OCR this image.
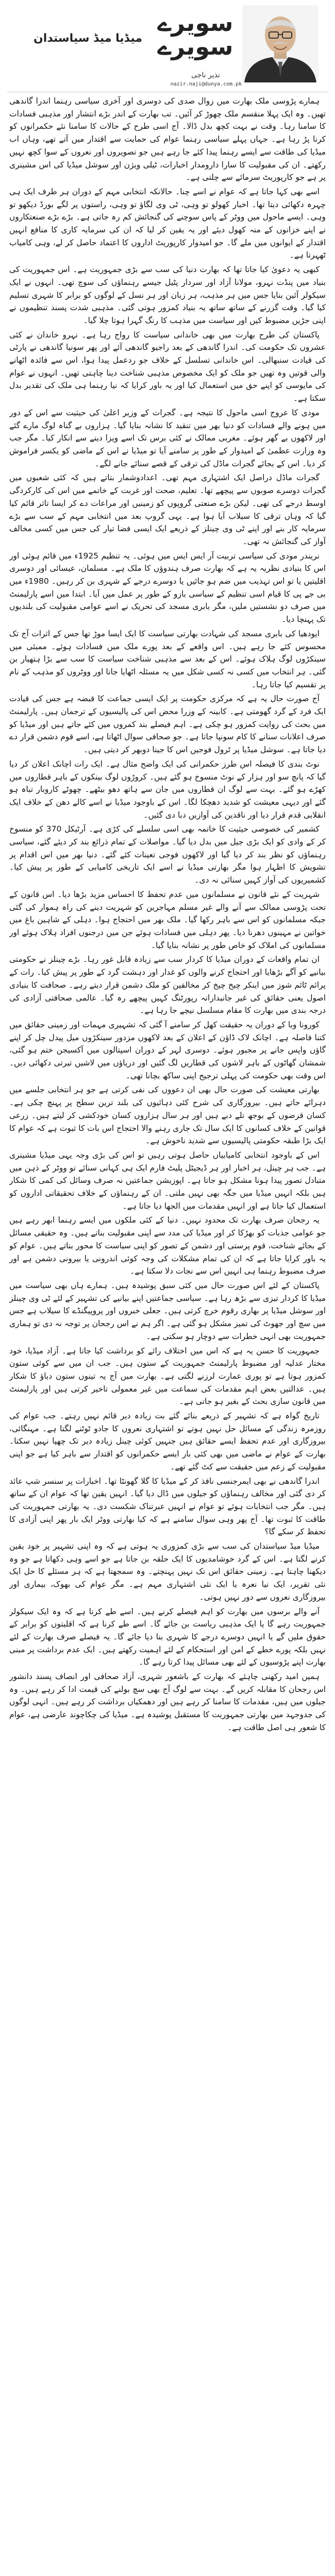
سویرے
سویرے
نذیر ناجی
nazir.naji@dunya.com.pk
میڈیا میڈ سیاستدان

ہمارے پڑوسی ملک بھارت میں زوال صدی کی دوسری اور آخری سیاسی رہنما اندرا گاندھی تھیں۔ وہ ایک پہلا منقسم ملک چھوڑ کر آئیں۔ تب بھارت کے اندر بڑے انتشار اور مذہبی فسادات کا سامنا رہا۔ وقت نے بہت کچھ بدل ڈالا۔ آج اسی طرح کے حالات کا سامنا نئے حکمرانوں کو کرنا پڑ رہا ہے۔ جہاں پہلے سیاسی رہنما عوام کی حمایت سے اقتدار میں آتے تھے، وہاں اب میڈیا کی طاقت سے ایسے رہنما پیدا کئے جا رہے ہیں جو تصویروں اور نعروں کے سوا کچھ نہیں رکھتے۔ ان کی مقبولیت کا سارا دارومدار اخبارات، ٹیلی ویژن اور سوشل میڈیا کی اس مشینری پر ہے جو کارپوریٹ سرمائے سے چلتی ہے۔

اسے بھی کہا جاتا ہے کہ عوام نے اسے چنا۔ حالانکہ انتخابی مہم کے دوران ہر طرف ایک ہی چہرہ دکھائی دیتا تھا۔ اخبار کھولو تو وہی، ٹی وی لگاؤ تو وہی، راستوں پر لگے بورڈ دیکھو تو وہی۔ ایسے ماحول میں ووٹر کے پاس سوچنے کی گنجائش کم رہ جاتی ہے۔ بڑے بڑے صنعتکاروں نے اپنے خزانوں کے منہ کھول دیئے اور یہ یقین کر لیا کہ ان کی سرمایہ کاری کا منافع انہیں اقتدار کے ایوانوں میں ملے گا۔ جو امیدوار کارپوریٹ اداروں کا اعتماد حاصل کر لے، وہی کامیاب ٹھہرتا ہے۔

کبھی یہ دعویٰ کیا جاتا تھا کہ بھارت دنیا کی سب سے بڑی جمہوریت ہے۔ اس جمہوریت کی بنیاد میں پنڈت نہرو، مولانا آزاد اور سردار پٹیل جیسے رہنماؤں کی سوچ تھی۔ انہوں نے ایک سیکولر آئین بنایا جس میں ہر مذہب، ہر زبان اور ہر نسل کے لوگوں کو برابر کا شہری تسلیم کیا گیا۔ وقت گزرنے کے ساتھ ساتھ یہ بنیاد کمزور ہوتی گئی۔ مذہبی شدت پسند تنظیموں نے اپنی جڑیں مضبوط کیں اور سیاست میں مذہب کا رنگ گہرا ہوتا چلا گیا۔

پاکستان کی طرح بھارت میں بھی خاندانی سیاست کا رواج رہا ہے۔ نہرو خاندان نے کئی عشروں تک حکومت کی۔ اندرا گاندھی کے بعد راجیو گاندھی آئے اور پھر سونیا گاندھی نے پارٹی کی قیادت سنبھالی۔ اس خاندانی تسلسل کے خلاف جو ردعمل پیدا ہوا، اس سے فائدہ اٹھانے والی قوتیں وہ تھیں جو ملک کو ایک مخصوص مذہبی شناخت دینا چاہتی تھیں۔ انہوں نے عوام کی مایوسی کو اپنے حق میں استعمال کیا اور یہ باور کرایا کہ نیا رہنما ہی ملک کی تقدیر بدل سکتا ہے۔

مودی کا عروج اسی ماحول کا نتیجہ ہے۔ گجرات کے وزیر اعلیٰ کی حیثیت سے اس کے دور میں ہونے والے فسادات کو دنیا بھر میں تنقید کا نشانہ بنایا گیا۔ ہزاروں بے گناہ لوگ مارے گئے اور لاکھوں بے گھر ہوئے۔ مغربی ممالک نے کئی برس تک اسے ویزا دینے سے انکار کیا۔ مگر جب وہ وزارت عظمیٰ کے امیدوار کے طور پر سامنے آیا تو میڈیا نے اس کے ماضی کو یکسر فراموش کر دیا۔ اس کے بجائے گجرات ماڈل کی ترقی کے قصے سنائے جانے لگے۔

گجرات ماڈل دراصل ایک اشتہاری مہم تھی۔ اعدادوشمار بتاتے ہیں کہ کئی شعبوں میں گجرات دوسرے صوبوں سے پیچھے تھا۔ تعلیم، صحت اور غربت کے خاتمے میں اس کی کارکردگی اوسط درجے کی تھی۔ لیکن بڑے صنعتی گروپوں کو زمینیں اور مراعات دے کر ایسا تاثر قائم کیا گیا کہ وہاں ترقی کا سیلاب آیا ہوا ہے۔ یہی گروپ بعد میں انتخابی مہم کے سب سے بڑے سرمایہ کار بنے اور اپنے ٹی وی چینلز کے ذریعے ایک ایسی فضا تیار کی جس میں کسی مخالف آواز کی گنجائش نہ تھی۔

نریندر مودی کی سیاسی تربیت آر ایس ایس میں ہوئی۔ یہ تنظیم 1925ء میں قائم ہوئی اور اس کا بنیادی نظریہ یہ ہے کہ بھارت صرف ہندوؤں کا ملک ہے۔ مسلمان، عیسائی اور دوسری اقلیتیں یا تو اس تہذیب میں ضم ہو جائیں یا دوسرے درجے کے شہری بن کر رہیں۔ 1980ء میں بی جے پی کا قیام اسی تنظیم کے سیاسی بازو کے طور پر عمل میں آیا۔ ابتدا میں اسے پارلیمنٹ میں صرف دو نشستیں ملیں، مگر بابری مسجد کی تحریک نے اسے عوامی مقبولیت کی بلندیوں تک پہنچا دیا۔

ایودھیا کی بابری مسجد کی شہادت بھارتی سیاست کا ایک ایسا موڑ تھا جس کے اثرات آج تک محسوس کئے جا رہے ہیں۔ اس واقعے کے بعد پورے ملک میں فسادات ہوئے۔ ممبئی میں سینکڑوں لوگ ہلاک ہوئے۔ اس کے بعد سے مذہبی شناخت سیاست کا سب سے بڑا ہتھیار بن گئی۔ ہر انتخاب میں کسی نہ کسی شکل میں یہ مسئلہ اٹھایا جاتا اور ووٹروں کو مذہب کے نام پر تقسیم کیا جاتا رہا۔

آج صورت حال یہ ہے کہ مرکزی حکومت پر ایک ایسی جماعت کا قبضہ ہے جس کی قیادت ایک فرد کے گرد گھومتی ہے۔ کابینہ کے وزرا محض اس کی پالیسیوں کے ترجمان ہیں۔ پارلیمنٹ میں بحث کی روایت کمزور ہو چکی ہے۔ اہم فیصلے بند کمروں میں کئے جاتے ہیں اور میڈیا کو صرف اعلانات سنانے کا کام سونپا جاتا ہے۔ جو صحافی سوال اٹھاتا ہے، اسے قوم دشمن قرار دے دیا جاتا ہے۔ سوشل میڈیا پر ٹرول فوجیں اس کا جینا دوبھر کر دیتی ہیں۔

نوٹ بندی کا فیصلہ اس طرز حکمرانی کی ایک واضح مثال ہے۔ ایک رات اچانک اعلان کر دیا گیا کہ پانچ سو اور ہزار کے نوٹ منسوخ ہو گئے ہیں۔ کروڑوں لوگ بینکوں کے باہر قطاروں میں کھڑے ہو گئے۔ بہت سے لوگ ان قطاروں میں جان سے ہاتھ دھو بیٹھے۔ چھوٹے کاروبار تباہ ہو گئے اور دیہی معیشت کو شدید دھچکا لگا۔ اس کے باوجود میڈیا نے اسے کالے دھن کے خلاف ایک انقلابی قدم قرار دیا اور ناقدین کی آوازیں دبا دی گئیں۔

کشمیر کی خصوصی حیثیت کا خاتمہ بھی اسی سلسلے کی کڑی ہے۔ آرٹیکل 370 کو منسوخ کر کے وادی کو ایک بڑی جیل میں بدل دیا گیا۔ مواصلات کے تمام ذرائع بند کر دیئے گئے، سیاسی رہنماؤں کو نظر بند کر دیا گیا اور لاکھوں فوجی تعینات کئے گئے۔ دنیا بھر میں اس اقدام پر تشویش کا اظہار ہوا مگر بھارتی میڈیا نے اسے ایک تاریخی کامیابی کے طور پر پیش کیا۔ کشمیریوں کی آواز کہیں سنائی نہ دی۔

شہریت کے نئے قانون نے مسلمانوں میں عدم تحفظ کا احساس مزید بڑھا دیا۔ اس قانون کے تحت پڑوسی ممالک سے آنے والے غیر مسلم مہاجرین کو شہریت دینے کی راہ ہموار کی گئی جبکہ مسلمانوں کو اس سے باہر رکھا گیا۔ ملک بھر میں احتجاج ہوا۔ دہلی کے شاہین باغ میں خواتین نے مہینوں دھرنا دیا۔ پھر دہلی میں فسادات ہوئے جن میں درجنوں افراد ہلاک ہوئے اور مسلمانوں کی املاک کو خاص طور پر نشانہ بنایا گیا۔

ان تمام واقعات کے دوران میڈیا کا کردار سب سے زیادہ قابل غور رہا۔ بڑے چینلز نے حکومتی بیانیے کو آگے بڑھایا اور احتجاج کرنے والوں کو غدار اور دہشت گرد کے طور پر پیش کیا۔ رات کے پرائم ٹائم شوز میں اینکر چیخ چیخ کر مخالفین کو ملک دشمن قرار دیتے رہے۔ صحافت کا بنیادی اصول یعنی حقائق کی غیر جانبدارانہ رپورٹنگ کہیں پیچھے رہ گیا۔ عالمی صحافتی آزادی کی درجہ بندی میں بھارت کا مقام مسلسل نیچے جا رہا ہے۔

کورونا وبا کے دوران یہ حقیقت کھل کر سامنے آ گئی کہ تشہیری مہمات اور زمینی حقائق میں کتنا فاصلہ ہے۔ اچانک لاک ڈاؤن کے اعلان کے بعد لاکھوں مزدور سینکڑوں میل پیدل چل کر اپنے گاؤں واپس جانے پر مجبور ہوئے۔ دوسری لہر کے دوران اسپتالوں میں آکسیجن ختم ہو گئی، شمشان گھاٹوں کے باہر لاشوں کی قطاریں لگ گئیں اور دریاؤں میں لاشیں تیرتی دکھائی دیں۔ اس وقت بھی حکومت کی پہلی ترجیح اپنی ساکھ بچانا تھی۔

بھارتی معیشت کی صورت حال بھی ان دعووں کی نفی کرتی ہے جو ہر انتخابی جلسے میں دہرائے جاتے ہیں۔ بیروزگاری کی شرح کئی دہائیوں کی بلند ترین سطح پر پہنچ چکی ہے۔ کسان قرضوں کے بوجھ تلے دبے ہیں اور ہر سال ہزاروں کسان خودکشی کر لیتے ہیں۔ زرعی قوانین کے خلاف کسانوں کا ایک سال تک جاری رہنے والا احتجاج اس بات کا ثبوت ہے کہ عوام کا ایک بڑا طبقہ حکومتی پالیسیوں سے شدید ناخوش ہے۔

اس کے باوجود انتخابی کامیابیاں حاصل ہوتی رہیں تو اس کی بڑی وجہ یہی میڈیا مشینری ہے۔ جب ہر چینل، ہر اخبار اور ہر ڈیجیٹل پلیٹ فارم ایک ہی کہانی سنائے تو ووٹر کے ذہن میں متبادل تصور پیدا ہونا مشکل ہو جاتا ہے۔ اپوزیشن جماعتیں نہ صرف وسائل کی کمی کا شکار ہیں بلکہ انہیں میڈیا میں جگہ بھی نہیں ملتی۔ ان کے رہنماؤں کے خلاف تحقیقاتی اداروں کو استعمال کیا جاتا ہے اور انہیں مقدمات میں الجھا دیا جاتا ہے۔

یہ رجحان صرف بھارت تک محدود نہیں۔ دنیا کے کئی ملکوں میں ایسے رہنما ابھر رہے ہیں جو عوامی جذبات کو بھڑکا کر اور میڈیا کی مدد سے اپنی مقبولیت بناتے ہیں۔ وہ حقیقی مسائل کے بجائے شناخت، قوم پرستی اور دشمن کے تصور کو اپنی سیاست کا محور بناتے ہیں۔ عوام کو یہ باور کرایا جاتا ہے کہ ان کی تمام مشکلات کی وجہ کوئی اندرونی یا بیرونی دشمن ہے اور صرف مضبوط رہنما ہی انہیں اس سے نجات دلا سکتا ہے۔

پاکستان کے لئے اس صورت حال میں کئی سبق پوشیدہ ہیں۔ ہمارے ہاں بھی سیاست میں میڈیا کا کردار تیزی سے بڑھ رہا ہے۔ سیاسی جماعتیں اپنے بیانیے کی تشہیر کے لئے ٹی وی چینلز اور سوشل میڈیا پر بھاری رقوم خرچ کرتی ہیں۔ جعلی خبروں اور پروپیگنڈے کا سیلاب ہے جس میں سچ اور جھوٹ کی تمیز مشکل ہو گئی ہے۔ اگر ہم نے اس رجحان پر توجہ نہ دی تو ہماری جمہوریت بھی انہی خطرات سے دوچار ہو سکتی ہے۔

جمہوریت کا حسن یہ ہے کہ اس میں اختلاف رائے کو برداشت کیا جاتا ہے۔ آزاد میڈیا، خود مختار عدلیہ اور مضبوط پارلیمنٹ جمہوریت کے ستون ہیں۔ جب ان میں سے کوئی ستون کمزور ہوتا ہے تو پوری عمارت لرزنے لگتی ہے۔ بھارت میں آج یہ تینوں ستون دباؤ کا شکار ہیں۔ عدالتیں بعض اہم مقدمات کی سماعت میں غیر معمولی تاخیر کرتی ہیں اور پارلیمنٹ میں قانون سازی بحث کے بغیر ہو جاتی ہے۔

تاریخ گواہ ہے کہ تشہیر کے ذریعے بنائے گئے بت زیادہ دیر قائم نہیں رہتے۔ جب عوام کی روزمرہ زندگی کے مسائل حل نہیں ہوتے تو اشتہاری نعروں کا جادو ٹوٹنے لگتا ہے۔ مہنگائی، بیروزگاری اور عدم تحفظ ایسے حقائق ہیں جنہیں کوئی چینل زیادہ دیر تک چھپا نہیں سکتا۔ بھارت کے عوام نے ماضی میں بھی کئی بار ایسے حکمرانوں کو اقتدار سے باہر کیا ہے جو اپنی مقبولیت کے زعم میں حقیقت سے کٹ گئے تھے۔

اندرا گاندھی نے بھی ایمرجنسی نافذ کر کے میڈیا کا گلا گھونٹا تھا۔ اخبارات پر سنسر شپ عائد کر دی گئی اور مخالف رہنماؤں کو جیلوں میں ڈال دیا گیا۔ انہیں یقین تھا کہ عوام ان کے ساتھ ہیں۔ مگر جب انتخابات ہوئے تو عوام نے انہیں عبرتناک شکست دی۔ یہ بھارتی جمہوریت کی طاقت کا ثبوت تھا۔ آج پھر وہی سوال سامنے ہے کہ کیا بھارتی ووٹر ایک بار پھر اپنی آزادی کا تحفظ کر سکے گا؟

میڈیا میڈ سیاستدان کی سب سے بڑی کمزوری یہ ہوتی ہے کہ وہ اپنی تشہیر پر خود یقین کرنے لگتا ہے۔ اس کے گرد خوشامدیوں کا ایک حلقہ بن جاتا ہے جو اسے وہی دکھاتا ہے جو وہ دیکھنا چاہتا ہے۔ زمینی حقائق اس تک نہیں پہنچتے۔ وہ سمجھتا ہے کہ ہر مسئلے کا حل ایک نئی تقریر، ایک نیا نعرہ یا ایک نئی اشتہاری مہم ہے۔ مگر عوام کی بھوک، بیماری اور بیروزگاری نعروں سے دور نہیں ہوتی۔

آنے والے برسوں میں بھارت کو اہم فیصلے کرنے ہیں۔ اسے طے کرنا ہے کہ وہ ایک سیکولر جمہوریت رہے گا یا ایک مذہبی ریاست بن جائے گا۔ اسے طے کرنا ہے کہ اقلیتوں کو برابر کے حقوق ملیں گے یا انہیں دوسرے درجے کا شہری بنا دیا جائے گا۔ یہ فیصلے صرف بھارت کے لئے نہیں بلکہ پورے خطے کے امن اور استحکام کے لئے اہمیت رکھتے ہیں۔ ایک عدم برداشت پر مبنی بھارت اپنے پڑوسیوں کے لئے بھی مسائل پیدا کرتا رہے گا۔

ہمیں امید رکھنی چاہئے کہ بھارت کے باشعور شہری، آزاد صحافی اور انصاف پسند دانشور اس رجحان کا مقابلہ کریں گے۔ بہت سے لوگ آج بھی سچ بولنے کی قیمت ادا کر رہے ہیں۔ وہ جیلوں میں ہیں، مقدمات کا سامنا کر رہے ہیں اور دھمکیاں برداشت کر رہے ہیں۔ انہی لوگوں کی جدوجہد میں بھارتی جمہوریت کا مستقبل پوشیدہ ہے۔ میڈیا کی چکاچوند عارضی ہے، عوام کا شعور ہی اصل طاقت ہے۔
